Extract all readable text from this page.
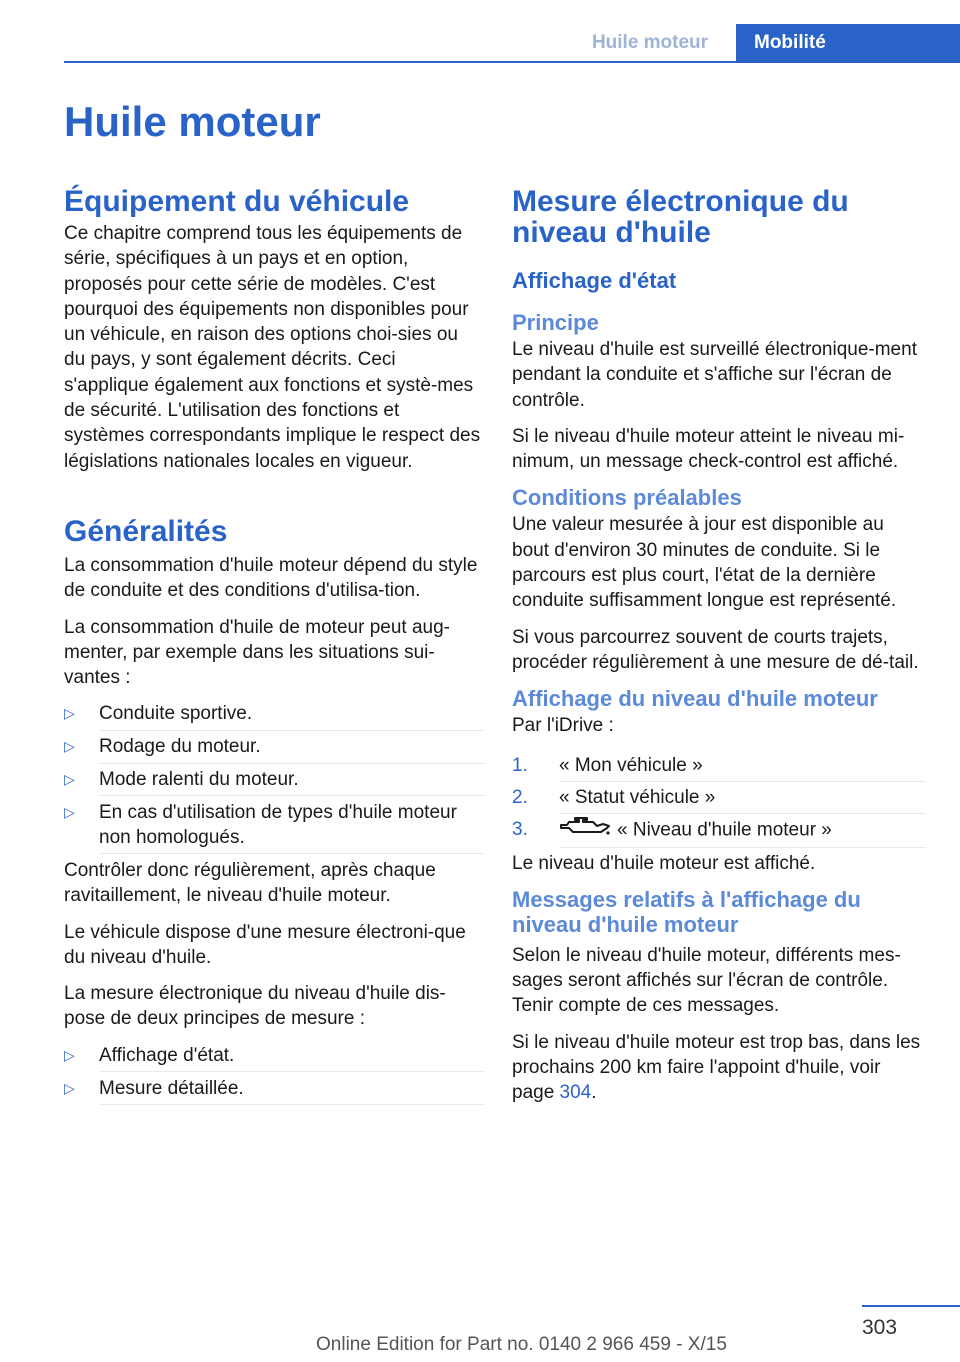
Huile moteur	Mobilité
Huile moteur
Équipement du véhicule

Ce chapitre comprend tous les équipements de série, spécifiques à un pays et en option, proposés pour cette série de modèles. C'est pourquoi des équipements non disponibles pour un véhicule, en raison des options choi-sies ou du pays, y sont également décrits. Ceci s'applique également aux fonctions et systè-mes de sécurité. L'utilisation des fonctions et systèmes correspondants implique le respect des législations nationales locales en vigueur.

Généralités

La consommation d'huile moteur dépend du style de conduite et des conditions d'utilisa-tion.

La consommation d'huile de moteur peut aug-menter, par exemple dans les situations sui-vantes :

▷ Conduite sportive.
▷ Rodage du moteur.
▷ Mode ralenti du moteur.
▷ En cas d'utilisation de types d'huile moteur non homologués.

Contrôler donc régulièrement, après chaque ravitaillement, le niveau d'huile moteur.

Le véhicule dispose d'une mesure électroni-que du niveau d'huile.

La mesure électronique du niveau d'huile dis-pose de deux principes de mesure :

▷ Affichage d'état.
▷ Mesure détaillée.
Mesure électronique du niveau d'huile
Affichage d'état
Principe

Le niveau d'huile est surveillé électronique-ment pendant la conduite et s'affiche sur l'écran de contrôle.

Si le niveau d'huile moteur atteint le niveau mi-nimum, un message check-control est affiché.

Conditions préalables

Une valeur mesurée à jour est disponible au bout d'environ 30 minutes de conduite. Si le parcours est plus court, l'état de la dernière conduite suffisamment longue est représenté.

Si vous parcourrez souvent de courts trajets, procéder régulièrement à une mesure de dé-tail.

Affichage du niveau d'huile moteur

Par l'iDrive :

1. « Mon véhicule »
2. « Statut véhicule »
3.	« Niveau d'huile moteur »

Le niveau d'huile moteur est affiché.

Messages relatifs à l'affichage du niveau d'huile moteur

Selon le niveau d'huile moteur, différents mes-sages seront affichés sur l'écran de contrôle. Tenir compte de ces messages.

Si le niveau d'huile moteur est trop bas, dans les prochains 200 km faire l'appoint d'huile, voir page 304.

303
Online Edition for Part no. 0140 2 966 459 - X/15
